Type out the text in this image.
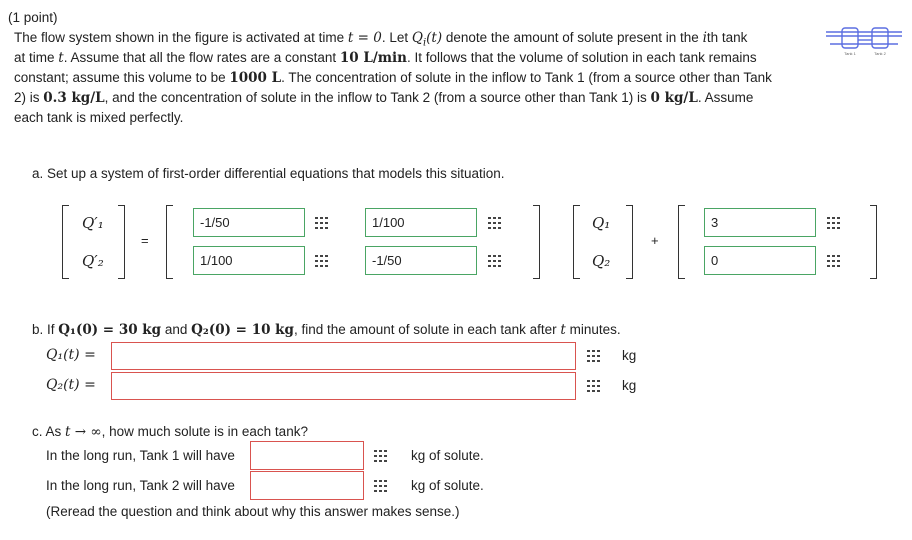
(1 point)
The flow system shown in the figure is activated at time t = 0. Let $Q_i(t)$ denote the amount of solute present in the ith tank
at time t. Assume that all the flow rates are a constant 10 L/min. It follows that the volume of solution in each tank remains
constant; assume this volume to be 1000 L. The concentration of solute in the inflow to Tank 1 (from a source other than Tank
2) is 0.3 kg/L, and the concentration of solute in the inflow to Tank 2 (from a source other than Tank 1) is 0 kg/L. Assume
each tank is mixed perfectly.
Tank 1	Tank 2
a. Set up a system of first-order differential equations that models this situation.
Q′₁
Q′₂
=
-1/50	1/100
1/100	-1/50
Q₁
Q₂
+
3
0
b. If Q₁(0) = 30 kg and Q₂(0) = 10 kg, find the amount of solute in each tank after t minutes.
Q₁(t) =	kg
Q₂(t) =	kg
c. As t → ∞, how much solute is in each tank?
In the long run, Tank 1 will have	kg of solute.
In the long run, Tank 2 will have	kg of solute.
(Reread the question and think about why this answer makes sense.)
